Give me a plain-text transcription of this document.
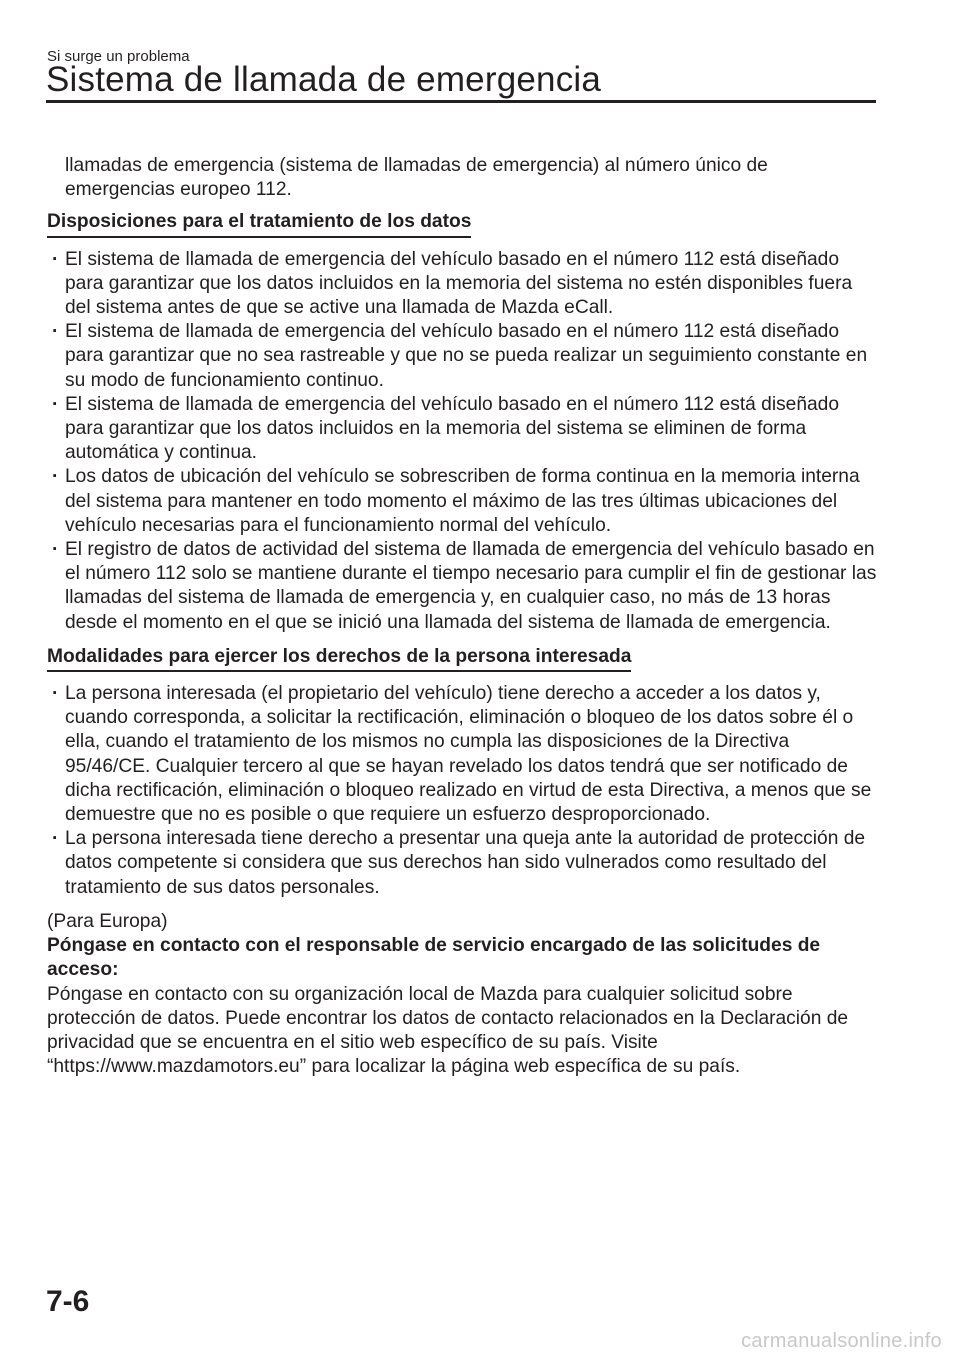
Si surge un problema
Sistema de llamada de emergencia

llamadas de emergencia (sistema de llamadas de emergencia) al número único de emergencias europeo 112.

Disposiciones para el tratamiento de los datos
· El sistema de llamada de emergencia del vehículo basado en el número 112 está diseñado para garantizar que los datos incluidos en la memoria del sistema no estén disponibles fuera del sistema antes de que se active una llamada de Mazda eCall.
· El sistema de llamada de emergencia del vehículo basado en el número 112 está diseñado para garantizar que no sea rastreable y que no se pueda realizar un seguimiento constante en su modo de funcionamiento continuo.
· El sistema de llamada de emergencia del vehículo basado en el número 112 está diseñado para garantizar que los datos incluidos en la memoria del sistema se eliminen de forma automática y continua.
· Los datos de ubicación del vehículo se sobrescriben de forma continua en la memoria interna del sistema para mantener en todo momento el máximo de las tres últimas ubicaciones del vehículo necesarias para el funcionamiento normal del vehículo.
· El registro de datos de actividad del sistema de llamada de emergencia del vehículo basado en el número 112 solo se mantiene durante el tiempo necesario para cumplir el fin de gestionar las llamadas del sistema de llamada de emergencia y, en cualquier caso, no más de 13 horas desde el momento en el que se inició una llamada del sistema de llamada de emergencia.
Modalidades para ejercer los derechos de la persona interesada
· La persona interesada (el propietario del vehículo) tiene derecho a acceder a los datos y, cuando corresponda, a solicitar la rectificación, eliminación o bloqueo de los datos sobre él o ella, cuando el tratamiento de los mismos no cumpla las disposiciones de la Directiva 95/46/CE. Cualquier tercero al que se hayan revelado los datos tendrá que ser notificado de dicha rectificación, eliminación o bloqueo realizado en virtud de esta Directiva, a menos que se demuestre que no es posible o que requiere un esfuerzo desproporcionado.
· La persona interesada tiene derecho a presentar una queja ante la autoridad de protección de datos competente si considera que sus derechos han sido vulnerados como resultado del tratamiento de sus datos personales.

(Para Europa)

Póngase en contacto con el responsable de servicio encargado de las solicitudes de acceso:

Póngase en contacto con su organización local de Mazda para cualquier solicitud sobre protección de datos. Puede encontrar los datos de contacto relacionados en la Declaración de privacidad que se encuentra en el sitio web específico de su país. Visite “https://www.mazdamotors.eu” para localizar la página web específica de su país.

7-6
carmanualsonline.info
